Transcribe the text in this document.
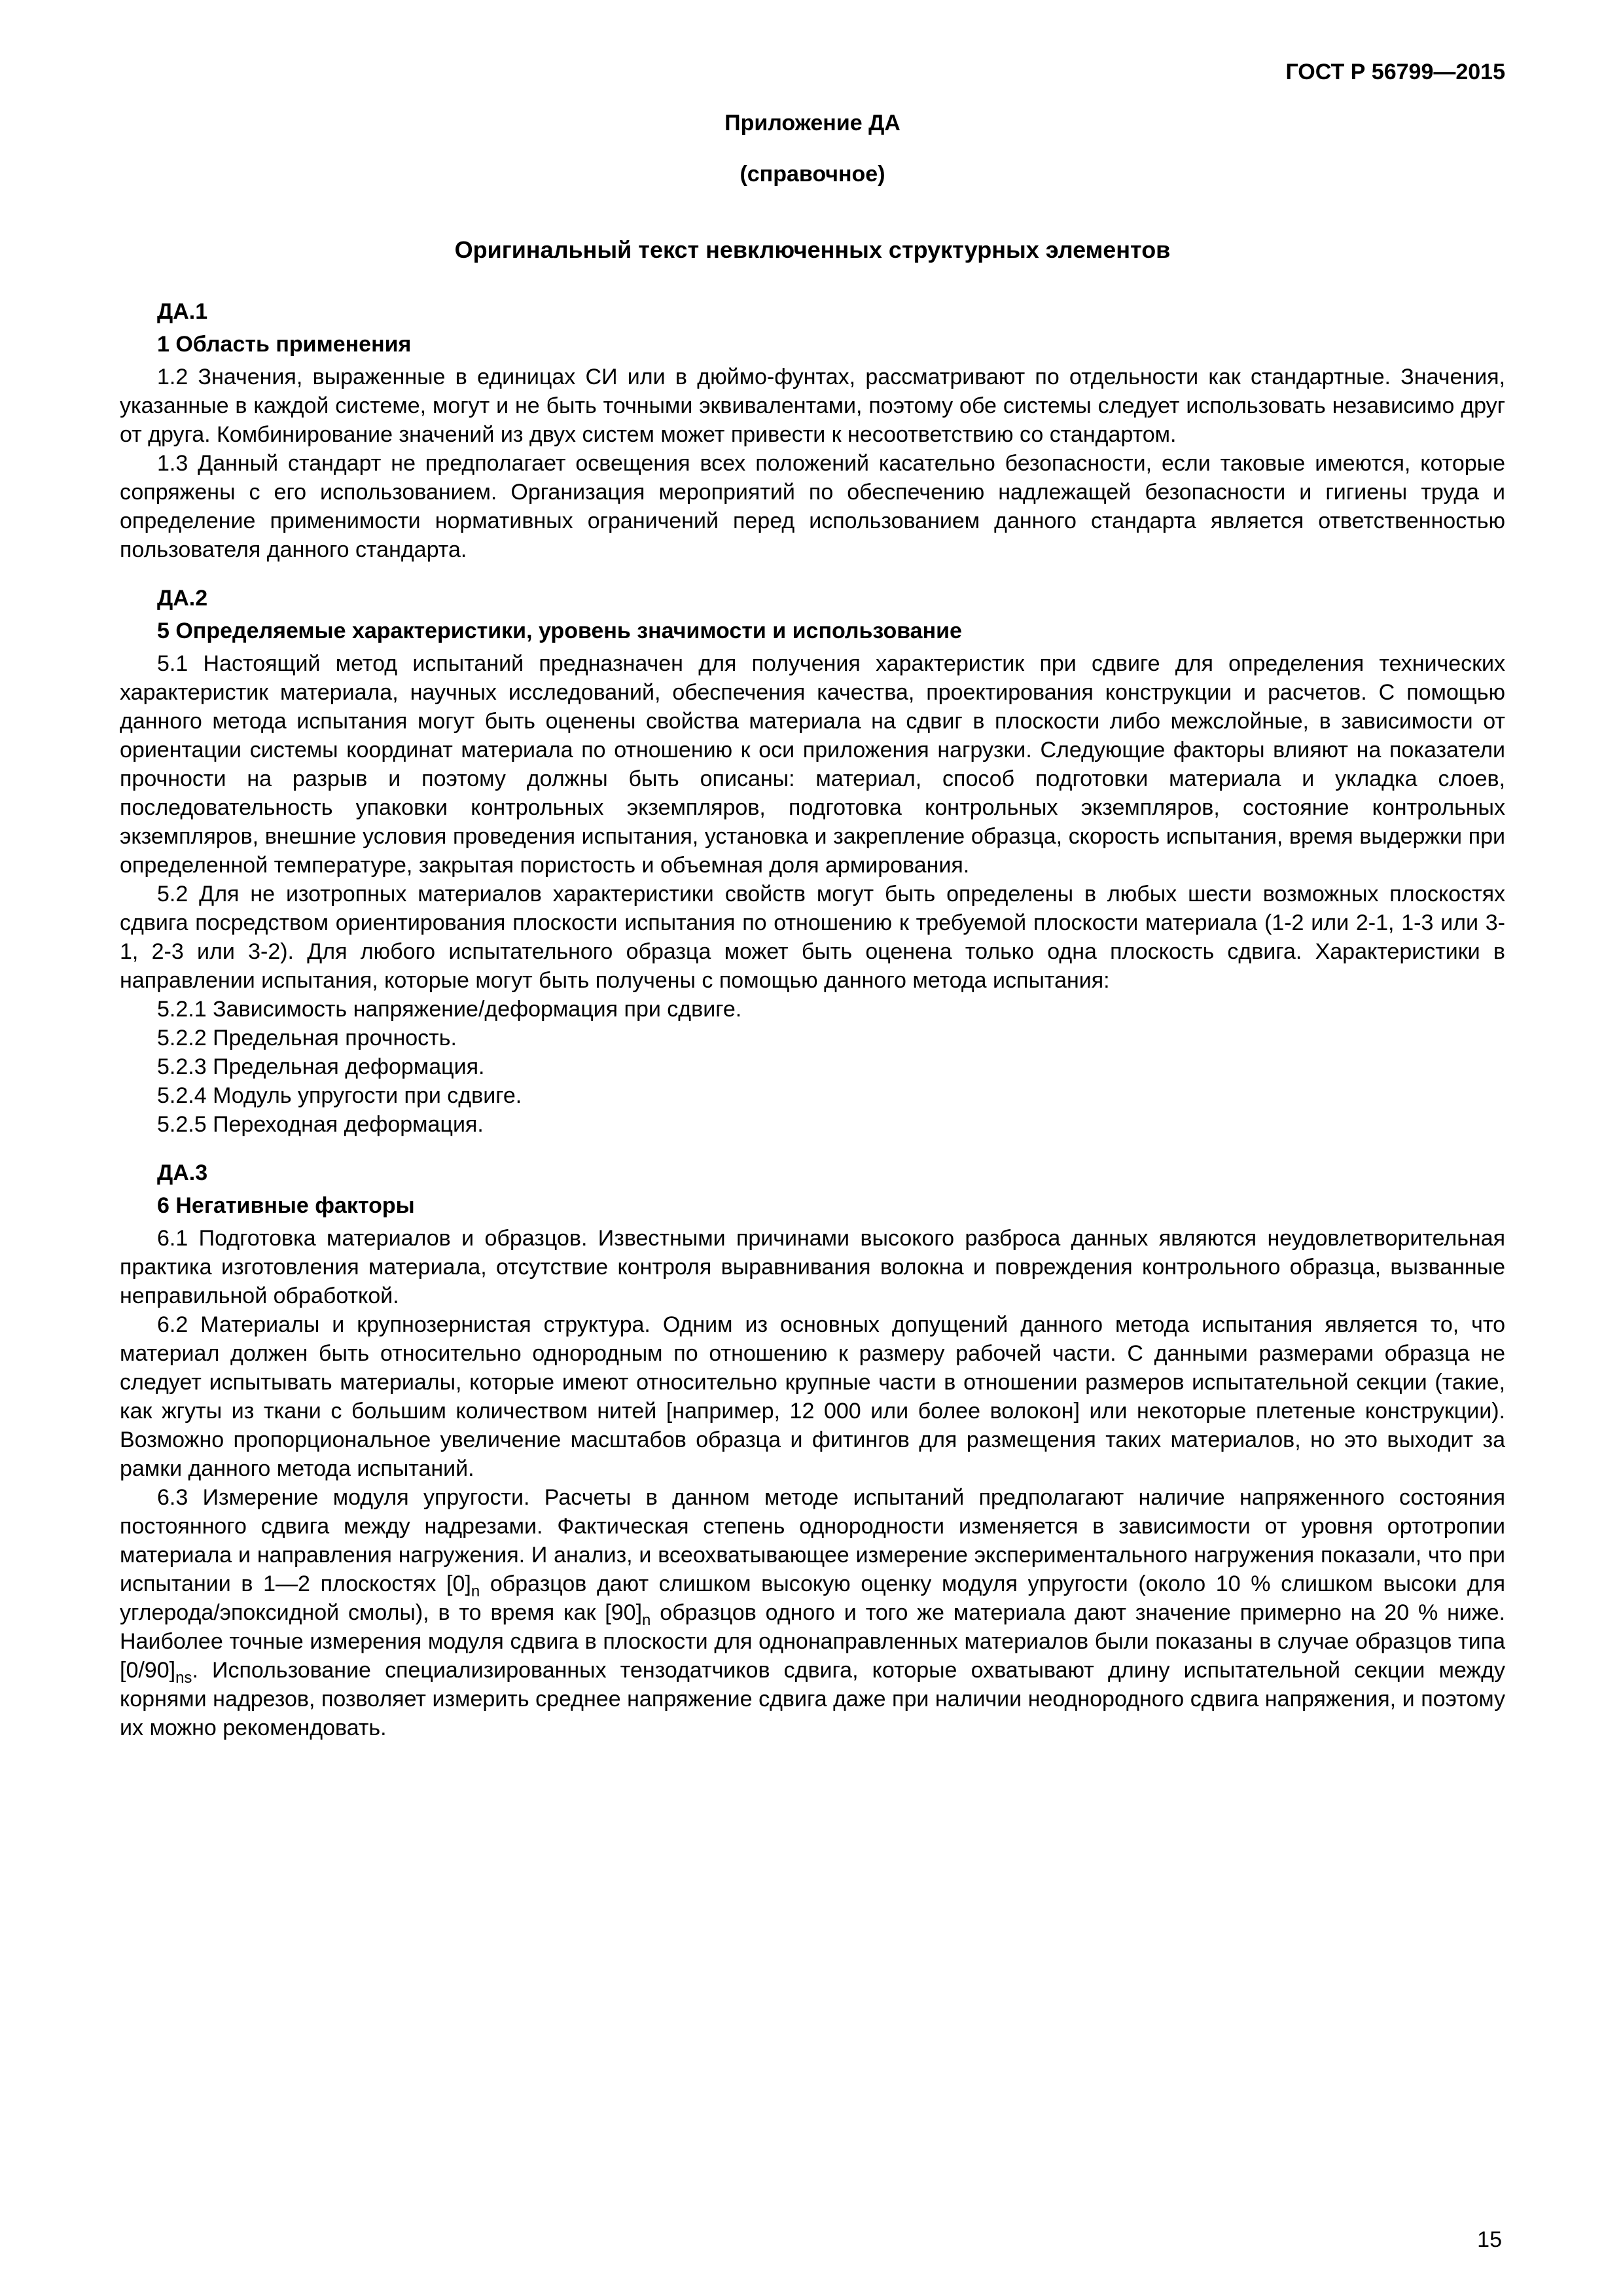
ГОСТ Р 56799—2015

Приложение ДА

(справочное)

Оригинальный текст невключенных структурных элементов

ДА.1

1 Область применения

1.2 Значения, выраженные в единицах СИ или в дюймо-фунтах, рассматривают по отдельности как стандартные. Значения, указанные в каждой системе, могут и не быть точными эквивалентами, поэтому обе системы следует использовать независимо друг от друга. Комбинирование значений из двух систем может привести к несоответствию со стандартом.

1.3 Данный стандарт не предполагает освещения всех положений касательно безопасности, если таковые имеются, которые сопряжены с его использованием. Организация мероприятий по обеспечению надлежащей безопасности и гигиены труда и определение применимости нормативных ограничений перед использованием данного стандарта является ответственностью пользователя данного стандарта.

ДА.2

5 Определяемые характеристики, уровень значимости и использование

5.1 Настоящий метод испытаний предназначен для получения характеристик при сдвиге для определения технических характеристик материала, научных исследований, обеспечения качества, проектирования конструкции и расчетов. С помощью данного метода испытания могут быть оценены свойства материала на сдвиг в плоскости либо межслойные, в зависимости от ориентации системы координат материала по отношению к оси приложения нагрузки. Следующие факторы влияют на показатели прочности на разрыв и поэтому должны быть описаны: материал, способ подготовки материала и укладка слоев, последовательность упаковки контрольных экземпляров, подготовка контрольных экземпляров, состояние контрольных экземпляров, внешние условия проведения испытания, установка и закрепление образца, скорость испытания, время выдержки при определенной температуре, закрытая пористость и объемная доля армирования.

5.2 Для не изотропных материалов характеристики свойств могут быть определены в любых шести возможных плоскостях сдвига посредством ориентирования плоскости испытания по отношению к требуемой плоскости материала (1-2 или 2-1, 1-3 или 3-1, 2-3 или 3-2). Для любого испытательного образца может быть оценена только одна плоскость сдвига. Характеристики в направлении испытания, которые могут быть получены с помощью данного метода испытания:

5.2.1 Зависимость напряжение/деформация при сдвиге.

5.2.2 Предельная прочность.

5.2.3 Предельная деформация.

5.2.4 Модуль упругости при сдвиге.

5.2.5 Переходная деформация.

ДА.3

6 Негативные факторы

6.1 Подготовка материалов и образцов. Известными причинами высокого разброса данных являются неудовлетворительная практика изготовления материала, отсутствие контроля выравнивания волокна и повреждения контрольного образца, вызванные неправильной обработкой.

6.2 Материалы и крупнозернистая структура. Одним из основных допущений данного метода испытания является то, что материал должен быть относительно однородным по отношению к размеру рабочей части. С данными размерами образца не следует испытывать материалы, которые имеют относительно крупные части в отношении размеров испытательной секции (такие, как жгуты из ткани с большим количеством нитей [например, 12 000 или более волокон] или некоторые плетеные конструкции). Возможно пропорциональное увеличение масштабов образца и фитингов для размещения таких материалов, но это выходит за рамки данного метода испытаний.

6.3 Измерение модуля упругости. Расчеты в данном методе испытаний предполагают наличие напряженного состояния постоянного сдвига между надрезами. Фактическая степень однородности изменяется в зависимости от уровня ортотропии материала и направления нагружения. И анализ, и всеохватывающее измерение экспериментального нагружения показали, что при испытании в 1—2 плоскостях $[0]_n$ образцов дают слишком высокую оценку модуля упругости (около 10 % слишком высоки для углерода/эпоксидной смолы), в то время как $[90]_n$ образцов одного и того же материала дают значение примерно на 20 % ниже. Наиболее точные измерения модуля сдвига в плоскости для однонаправленных материалов были показаны в случае образцов типа $[0/90]_{ns}$. Использование специализированных тензодатчиков сдвига, которые охватывают длину испытательной секции между корнями надрезов, позволяет измерить среднее напряжение сдвига даже при наличии неоднородного сдвига напряжения, и поэтому их можно рекомендовать.

15
